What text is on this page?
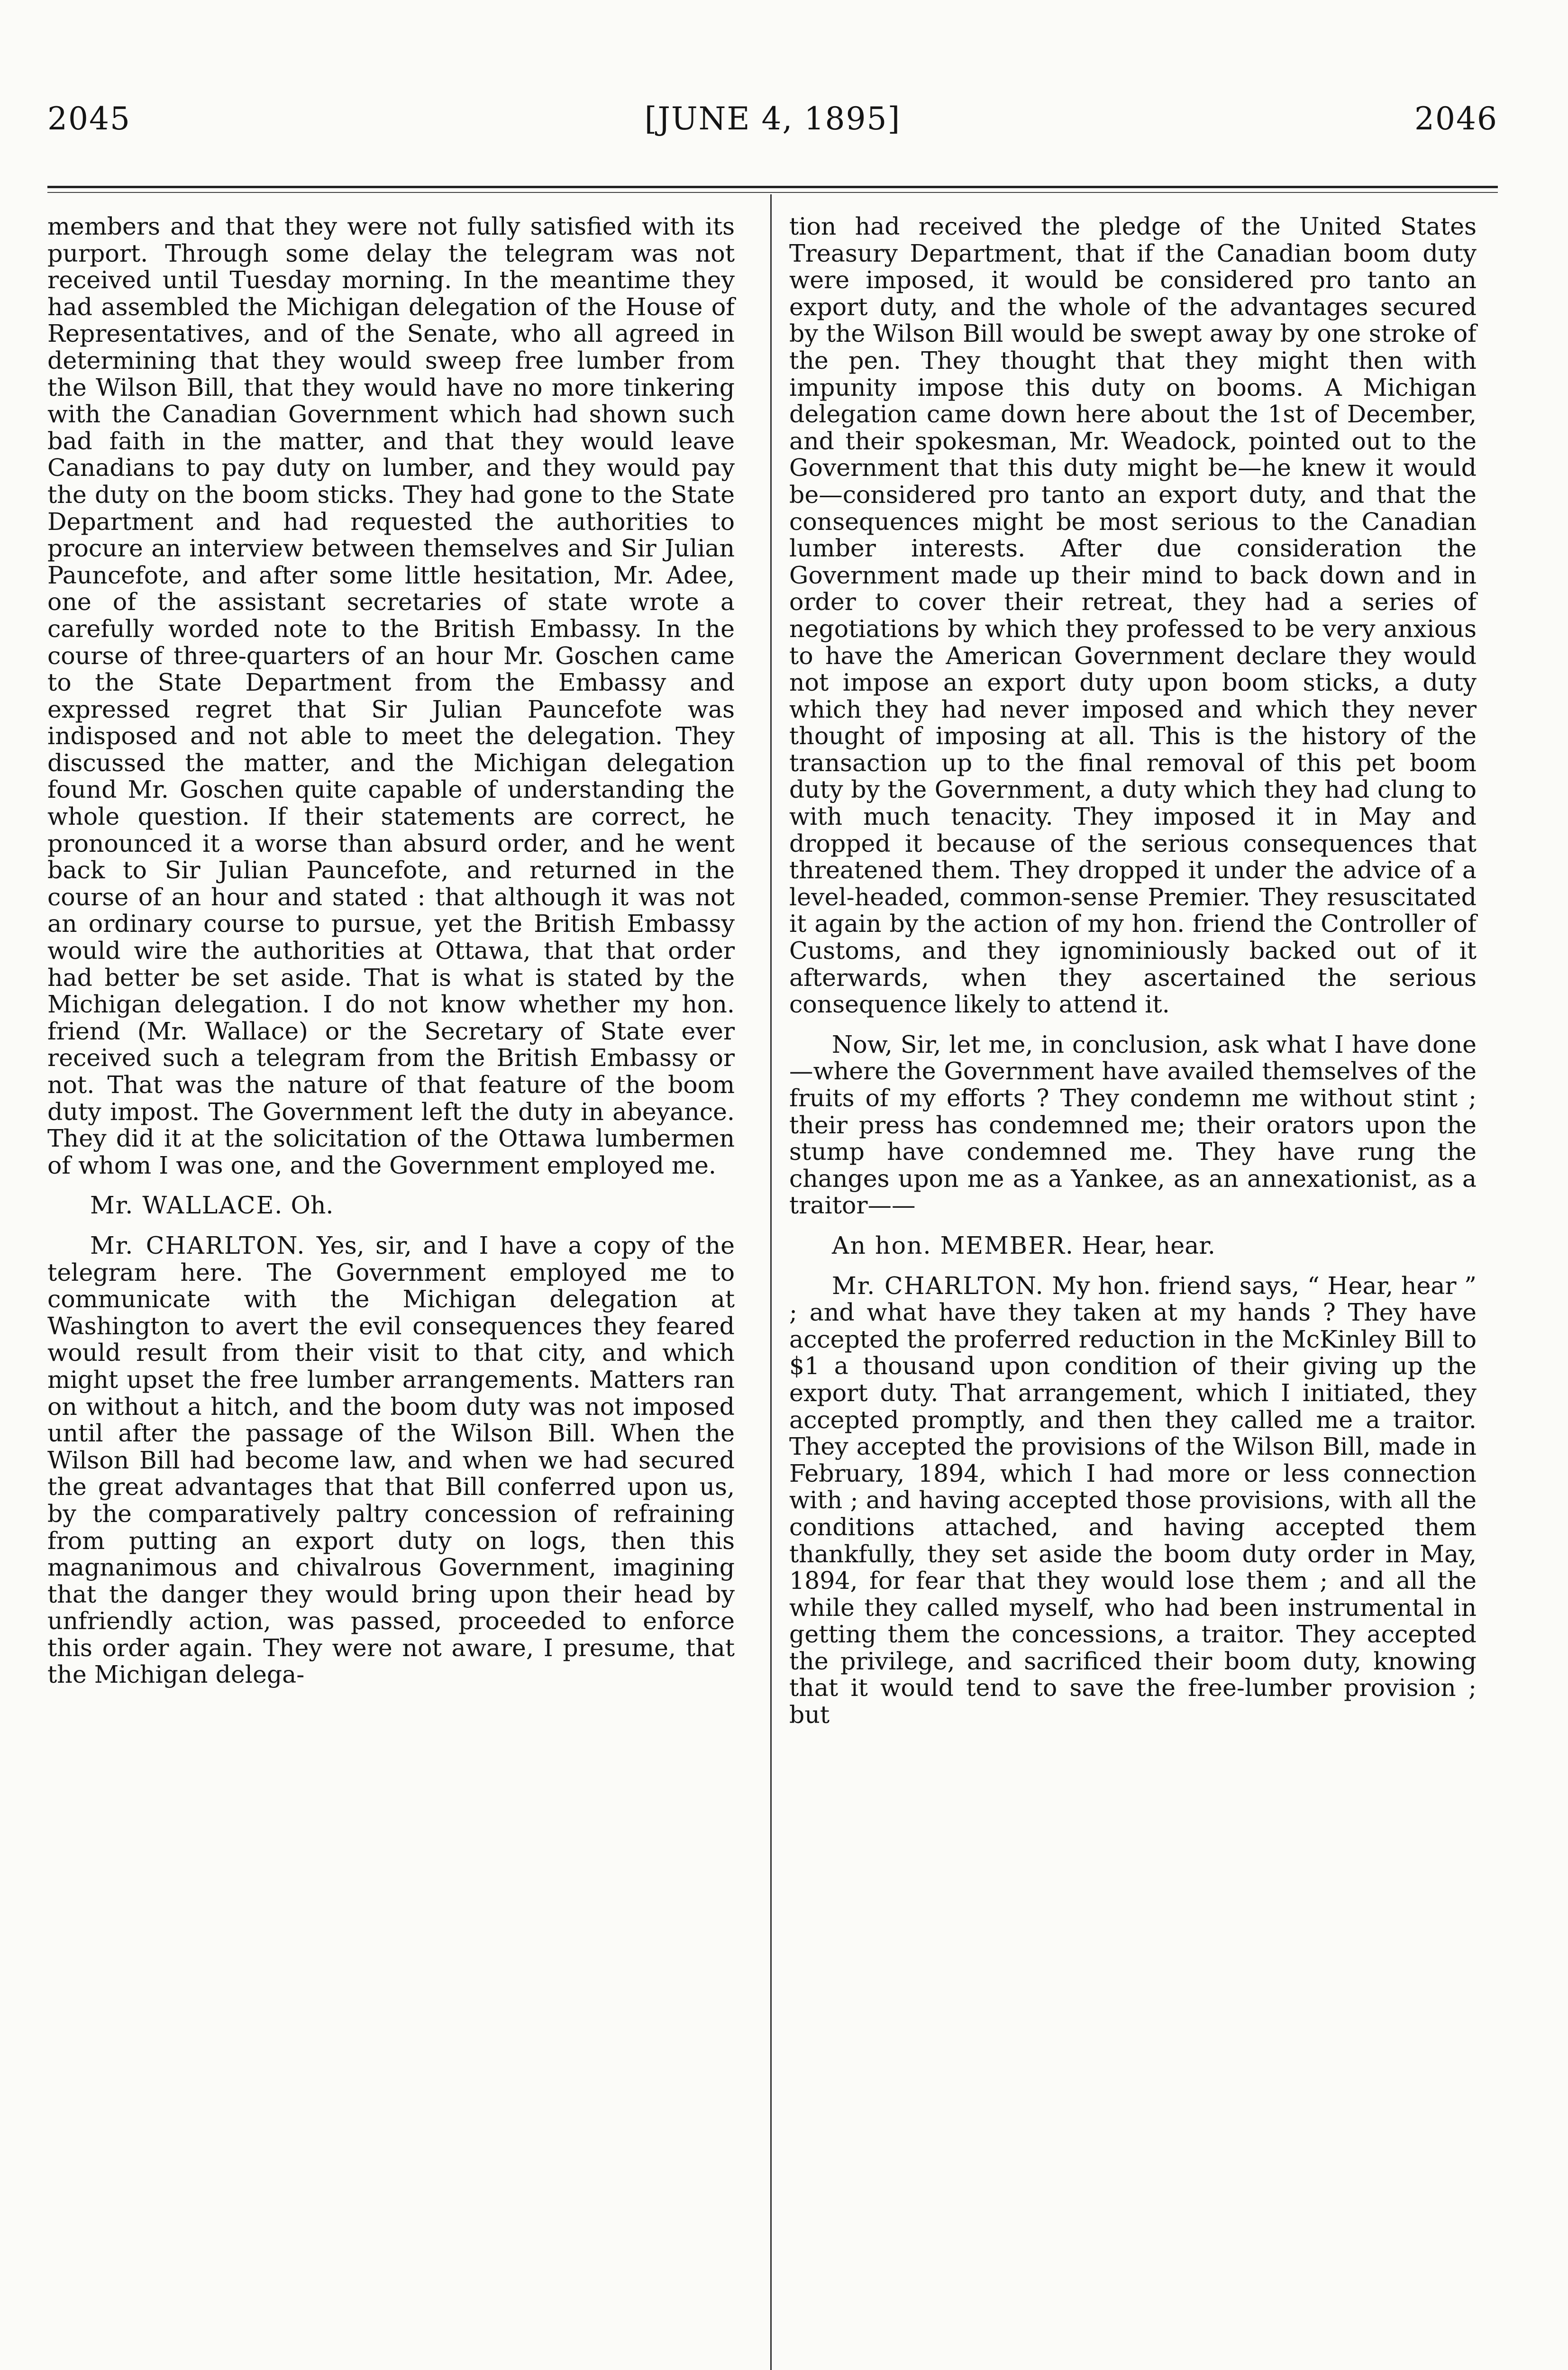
2045	[JUNE 4, 1895]	2046

members and that they were not fully satisfied with its purport. Through some delay the telegram was not received until Tuesday morning. In the meantime they had assembled the Michigan delegation of the House of Representatives, and of the Senate, who all agreed in determining that they would sweep free lumber from the Wilson Bill, that they would have no more tinkering with the Canadian Government which had shown such bad faith in the matter, and that they would leave Canadians to pay duty on lumber, and they would pay the duty on the boom sticks. They had gone to the State Department and had requested the authorities to procure an interview between themselves and Sir Julian Pauncefote, and after some little hesitation, Mr. Adee, one of the assistant secretaries of state wrote a carefully worded note to the British Embassy. In the course of three-quarters of an hour Mr. Goschen came to the State Department from the Embassy and expressed regret that Sir Julian Pauncefote was indisposed and not able to meet the delegation. They discussed the matter, and the Michigan delegation found Mr. Goschen quite capable of understanding the whole question. If their statements are correct, he pronounced it a worse than absurd order, and he went back to Sir Julian Pauncefote, and returned in the course of an hour and stated : that although it was not an ordinary course to pursue, yet the British Embassy would wire the authorities at Ottawa, that that order had better be set aside. That is what is stated by the Michigan delegation. I do not know whether my hon. friend (Mr. Wallace) or the Secretary of State ever received such a telegram from the British Embassy or not. That was the nature of that feature of the boom duty impost. The Government left the duty in abeyance. They did it at the solicitation of the Ottawa lumbermen of whom I was one, and the Government employed me.

Mr. WALLACE. Oh.

Mr. CHARLTON. Yes, sir, and I have a copy of the telegram here. The Government employed me to communicate with the Michigan delegation at Washington to avert the evil consequences they feared would result from their visit to that city, and which might upset the free lumber arrangements. Matters ran on without a hitch, and the boom duty was not imposed until after the passage of the Wilson Bill. When the Wilson Bill had become law, and when we had secured the great advantages that that Bill conferred upon us, by the comparatively paltry concession of refraining from putting an export duty on logs, then this magnanimous and chivalrous Government, imagining that the danger they would bring upon their head by unfriendly action, was passed, proceeded to enforce this order again. They were not aware, I presume, that the Michigan delega-

tion had received the pledge of the United States Treasury Department, that if the Canadian boom duty were imposed, it would be considered pro tanto an export duty, and the whole of the advantages secured by the Wilson Bill would be swept away by one stroke of the pen. They thought that they might then with impunity impose this duty on booms. A Michigan delegation came down here about the 1st of December, and their spokesman, Mr. Weadock, pointed out to the Government that this duty might be—he knew it would be—considered pro tanto an export duty, and that the consequences might be most serious to the Canadian lumber interests. After due consideration the Government made up their mind to back down and in order to cover their retreat, they had a series of negotiations by which they professed to be very anxious to have the American Government declare they would not impose an export duty upon boom sticks, a duty which they had never imposed and which they never thought of imposing at all. This is the history of the transaction up to the final removal of this pet boom duty by the Government, a duty which they had clung to with much tenacity. They imposed it in May and dropped it because of the serious consequences that threatened them. They dropped it under the advice of a level-headed, common-sense Premier. They resuscitated it again by the action of my hon. friend the Controller of Customs, and they ignominiously backed out of it afterwards, when they ascertained the serious consequence likely to attend it.

Now, Sir, let me, in conclusion, ask what I have done—where the Government have availed themselves of the fruits of my efforts ? They condemn me without stint ; their press has condemned me; their orators upon the stump have condemned me. They have rung the changes upon me as a Yankee, as an annexationist, as a traitor——

An hon. MEMBER. Hear, hear.

Mr. CHARLTON. My hon. friend says, “ Hear, hear ” ; and what have they taken at my hands ? They have accepted the proferred reduction in the McKinley Bill to $1 a thousand upon condition of their giving up the export duty. That arrangement, which I initiated, they accepted promptly, and then they called me a traitor. They accepted the provisions of the Wilson Bill, made in February, 1894, which I had more or less connection with ; and having accepted those provisions, with all the conditions attached, and having accepted them thankfully, they set aside the boom duty order in May, 1894, for fear that they would lose them ; and all the while they called myself, who had been instrumental in getting them the concessions, a traitor. They accepted the privilege, and sacrificed their boom duty, knowing that it would tend to save the free-lumber provision ; but
